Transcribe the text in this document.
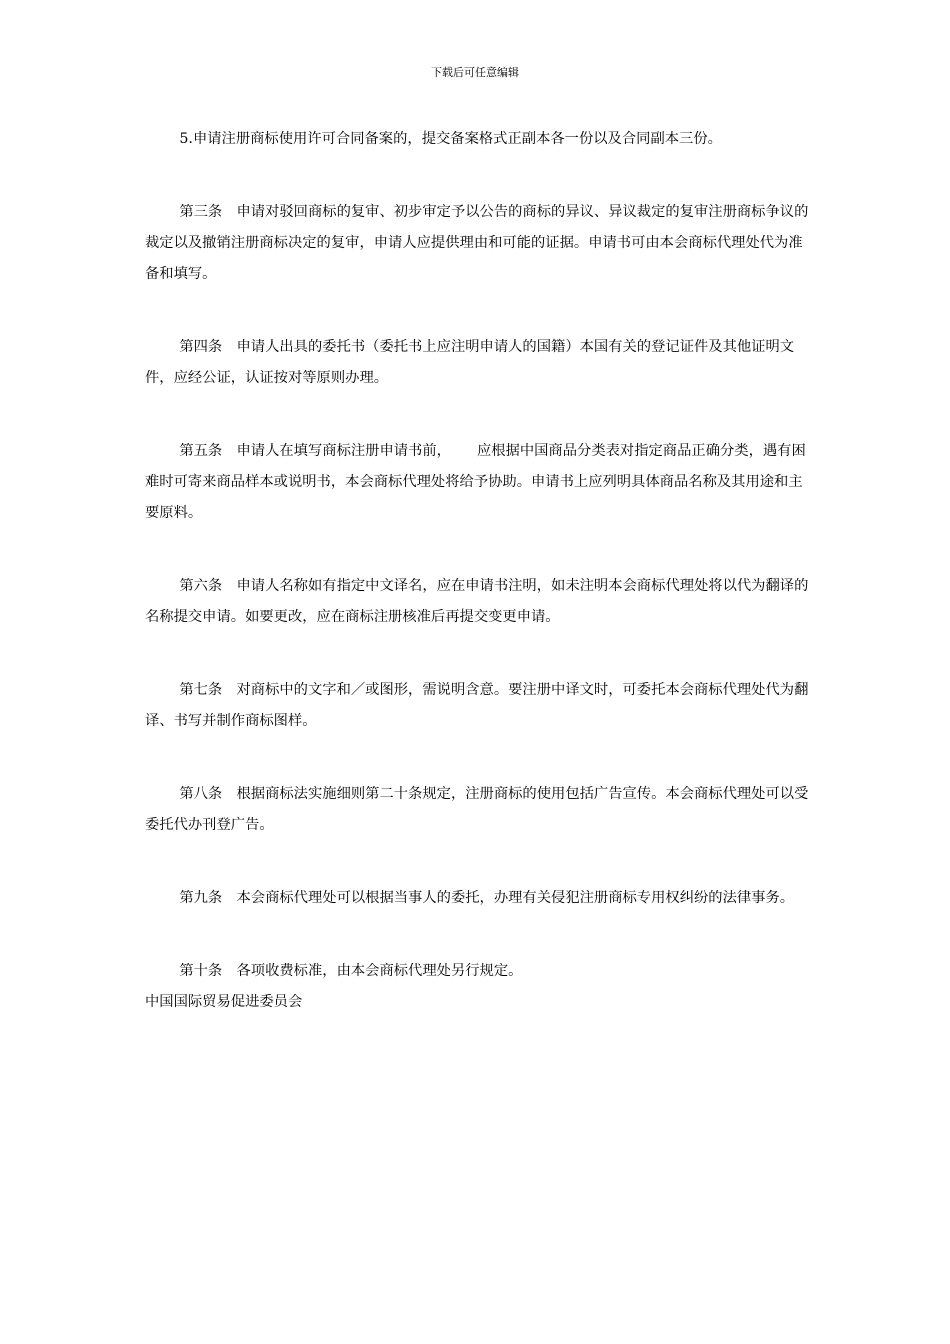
下载后可任意编辑

5.申请注册商标使用许可合同备案的，提交备案格式正副本各一份以及合同副本三份。

第三条 申请对驳回商标的复审、初步审定予以公告的商标的异议、异议裁定的复审注册商标争议的裁定以及撤销注册商标决定的复审，申请人应提供理由和可能的证据。申请书可由本会商标代理处代为准备和填写。

第四条 申请人出具的委托书（委托书上应注明申请人的国籍）本国有关的登记证件及其他证明文件，应经公证，认证按对等原则办理。

第五条 申请人在填写商标注册申请书前， 应根据中国商品分类表对指定商品正确分类，遇有困难时可寄来商品样本或说明书，本会商标代理处将给予协助。申请书上应列明具体商品名称及其用途和主要原料。

第六条 申请人名称如有指定中文译名，应在申请书注明，如未注明本会商标代理处将以代为翻译的名称提交申请。如要更改，应在商标注册核准后再提交变更申请。

第七条 对商标中的文字和／或图形，需说明含意。要注册中译文时，可委托本会商标代理处代为翻译、书写并制作商标图样。

第八条 根据商标法实施细则第二十条规定，注册商标的使用包括广告宣传。本会商标代理处可以受委托代办刊登广告。

第九条 本会商标代理处可以根据当事人的委托，办理有关侵犯注册商标专用权纠纷的法律事务。

第十条 各项收费标准，由本会商标代理处另行规定。

中国国际贸易促进委员会
